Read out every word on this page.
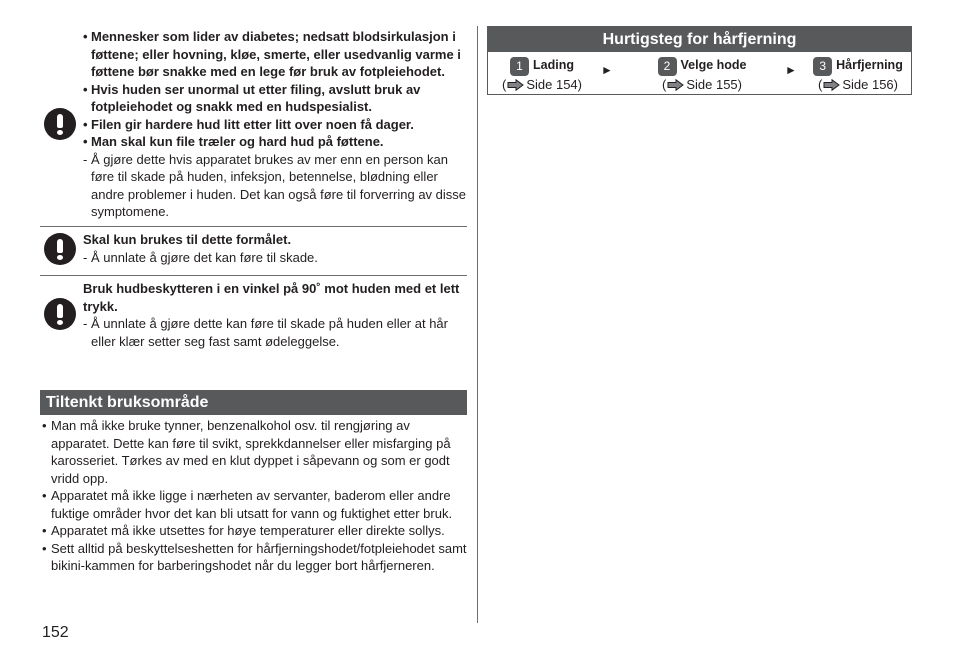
• Mennesker som lider av diabetes; nedsatt blodsirkulasjon i føttene; eller hovning, kløe, smerte, eller usedvanlig varme i føttene bør snakke med en lege før bruk av fotpleiehodet.
• Hvis huden ser unormal ut etter filing, avslutt bruk av fotpleiehodet og snakk med en hudspesialist.
• Filen gir hardere hud litt etter litt over noen få dager.
• Man skal kun file træler og hard hud på føttene.
- Å gjøre dette hvis apparatet brukes av mer enn en person kan føre til skade på huden, infeksjon, betennelse, blødning eller andre problemer i huden. Det kan også føre til forverring av disse symptomene.
Skal kun brukes til dette formålet.
- Å unnlate å gjøre det kan føre til skade.
Bruk hudbeskytteren i en vinkel på 90˚ mot huden med et lett trykk.
- Å unnlate å gjøre dette kan føre til skade på huden eller at hår eller klær setter seg fast samt ødeleggelse.
Tiltenkt bruksområde
• Man må ikke bruke tynner, benzenalkohol osv. til rengjøring av apparatet. Dette kan føre til svikt, sprekkdannelser eller misfarging på karosseriet. Tørkes av med en klut dyppet i såpevann og som er godt vridd opp.
• Apparatet må ikke ligge i nærheten av servanter, baderom eller andre fuktige områder hvor det kan bli utsatt for vann og fuktighet etter bruk.
• Apparatet må ikke utsettes for høye temperaturer eller direkte sollys.
• Sett alltid på beskyttelseshetten for hårfjerningshodet/fotpleiehodet samt bikini-kammen for barberingshodet når du legger bort hårfjerneren.
Hurtigsteg for hårfjerning
1 Lading
( Side 154 )
►	2 Velge hode
( Side 155 )
►	3 Hårfjerning
( Side 156 )
152
